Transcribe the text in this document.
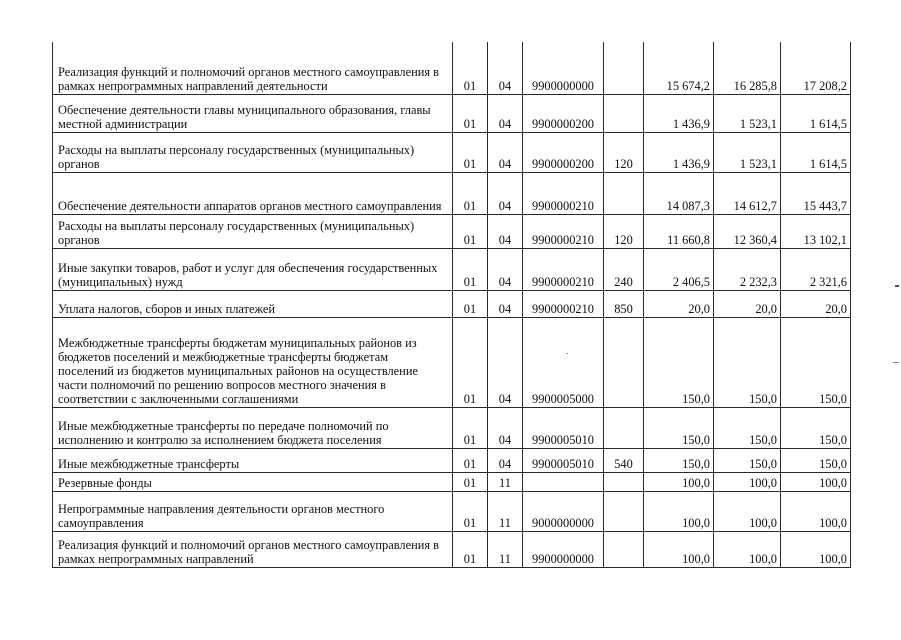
Реализация функций и полномочий органов местного самоуправления в рамках непрограммных направлений деятельности	01	04	9900000000		15 674,2	16 285,8	17 208,2
Обеспечение деятельности главы муниципального образования, главы местной администрации	01	04	9900000200		1 436,9	1 523,1	1 614,5
Расходы на выплаты персоналу государственных (муниципальных) органов	01	04	9900000200	120	1 436,9	1 523,1	1 614,5
Обеспечение деятельности аппаратов органов местного самоуправления	01	04	9900000210		14 087,3	14 612,7	15 443,7
Расходы на выплаты персоналу государственных (муниципальных) органов	01	04	9900000210	120	11 660,8	12 360,4	13 102,1
Иные закупки товаров, работ и услуг для обеспечения государственных (муниципальных) нужд	01	04	9900000210	240	2 406,5	2 232,3	2 321,6
Уплата налогов, сборов и иных платежей	01	04	9900000210	850	20,0	20,0	20,0
Межбюджетные трансферты бюджетам муниципальных районов из бюджетов поселений и межбюджетные трансферты бюджетам поселений из бюджетов муниципальных районов на осуществление части полномочий по решению вопросов местного значения в соответствии с заключенными соглашениями	01	04	9900005000		150,0	150,0	150,0
Иные межбюджетные трансферты по передаче полномочий по исполнению и контролю за исполнением бюджета поселения	01	04	9900005010		150,0	150,0	150,0
Иные межбюджетные трансферты	01	04	9900005010	540	150,0	150,0	150,0
Резервные фонды	01	11			100,0	100,0	100,0
Непрограммные направления деятельности органов местного самоуправления	01	11	9000000000		100,0	100,0	100,0
Реализация функций и полномочий органов местного самоуправления в рамках непрограммных направлений	01	11	9900000000		100,0	100,0	100,0
